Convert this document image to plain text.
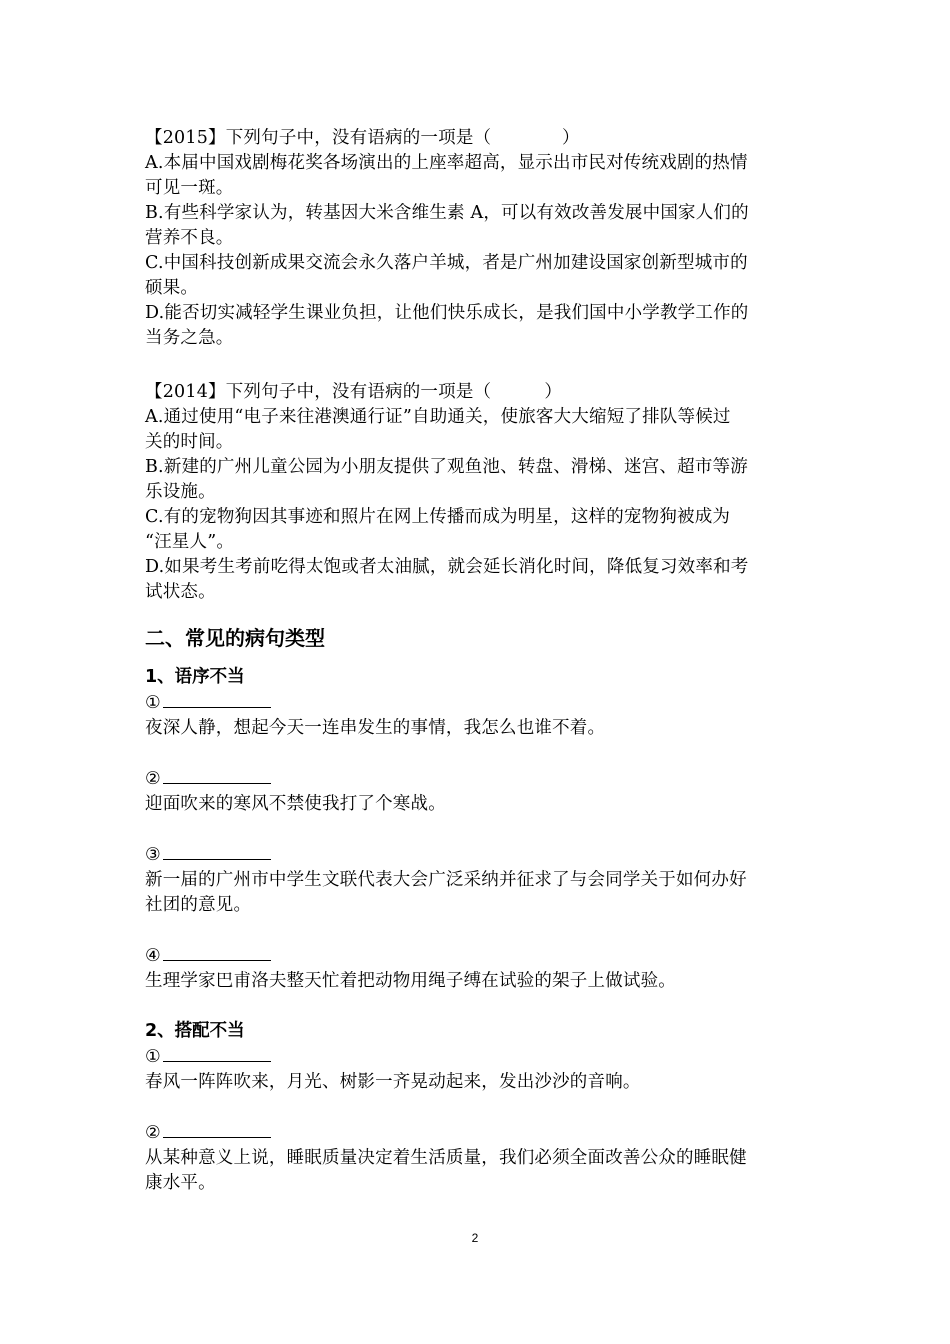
【2015】下列句子中，没有语病的一项是（　　　　）
A.本届中国戏剧梅花奖各场演出的上座率超高，显示出市民对传统戏剧的热情
可见一斑。
B.有些科学家认为，转基因大米含维生素 A，可以有效改善发展中国家人们的
营养不良。
C.中国科技创新成果交流会永久落户羊城，者是广州加建设国家创新型城市的
硕果。
D.能否切实减轻学生课业负担，让他们快乐成长，是我们国中小学教学工作的
当务之急。
【2014】下列句子中，没有语病的一项是（　　　）
A.通过使用“电子来往港澳通行证”自助通关，使旅客大大缩短了排队等候过
关的时间。
B.新建的广州儿童公园为小朋友提供了观鱼池、转盘、滑梯、迷宫、超市等游
乐设施。
C.有的宠物狗因其事迹和照片在网上传播而成为明星，这样的宠物狗被成为
“汪星人”。
D.如果考生考前吃得太饱或者太油腻，就会延长消化时间，降低复习效率和考
试状态。
二、常见的病句类型
1、语序不当
①
夜深人静，想起今天一连串发生的事情，我怎么也谁不着。
②
迎面吹来的寒风不禁使我打了个寒战。
③
新一届的广州市中学生文联代表大会广泛采纳并征求了与会同学关于如何办好
社团的意见。
④
生理学家巴甫洛夫整天忙着把动物用绳子缚在试验的架子上做试验。
2、搭配不当
①
春风一阵阵吹来，月光、树影一齐晃动起来，发出沙沙的音响。
②
从某种意义上说，睡眠质量决定着生活质量，我们必须全面改善公众的睡眠健
康水平。
2
